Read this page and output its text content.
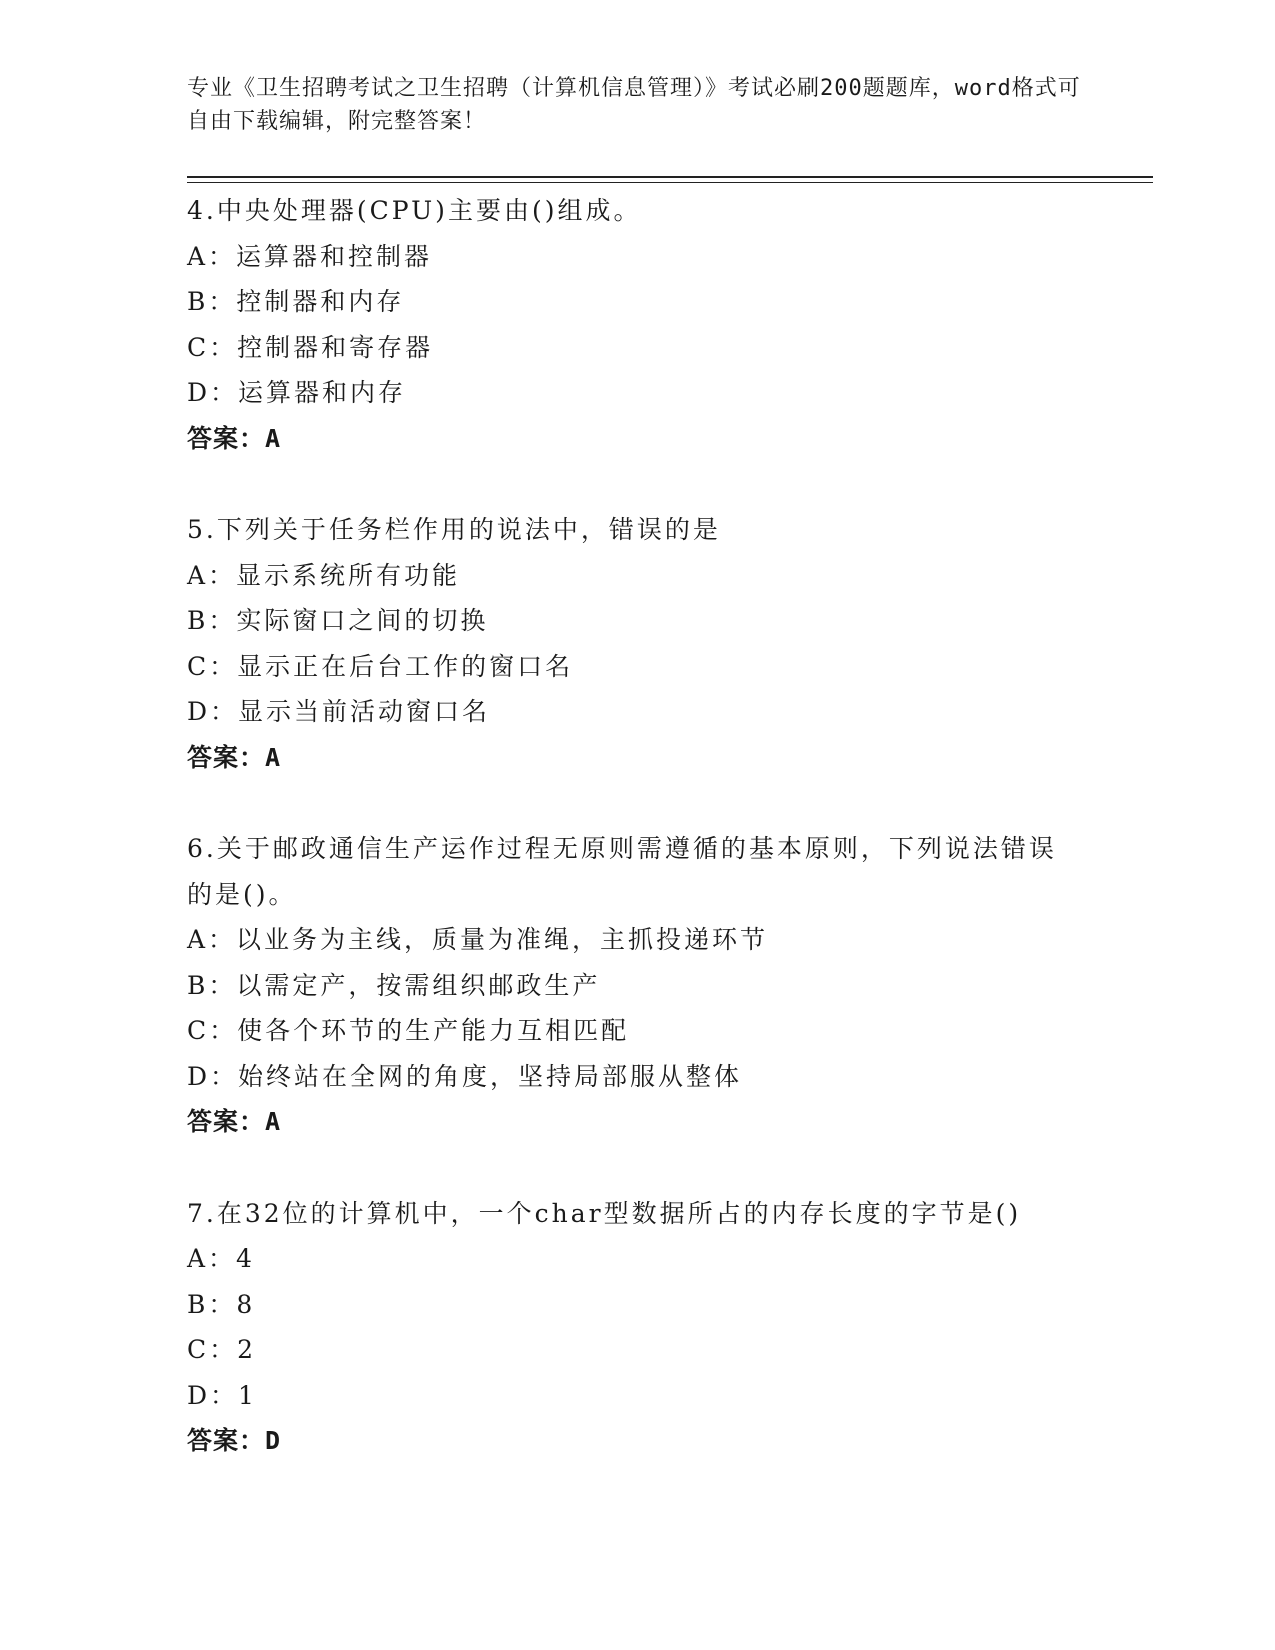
专业《卫生招聘考试之卫生招聘（计算机信息管理）》考试必刷200题题库，word格式可自由下载编辑，附完整答案！
4.中央处理器(CPU)主要由()组成。
A：运算器和控制器
B：控制器和内存
C：控制器和寄存器
D：运算器和内存
答案：A
5.下列关于任务栏作用的说法中，错误的是
A：显示系统所有功能
B：实际窗口之间的切换
C：显示正在后台工作的窗口名
D：显示当前活动窗口名
答案：A
6.关于邮政通信生产运作过程无原则需遵循的基本原则，下列说法错误的是()。
A：以业务为主线，质量为准绳，主抓投递环节
B：以需定产，按需组织邮政生产
C：使各个环节的生产能力互相匹配
D：始终站在全网的角度，坚持局部服从整体
答案：A
7.在32位的计算机中，一个char型数据所占的内存长度的字节是()
A：4
B：8
C：2
D：1
答案：D
